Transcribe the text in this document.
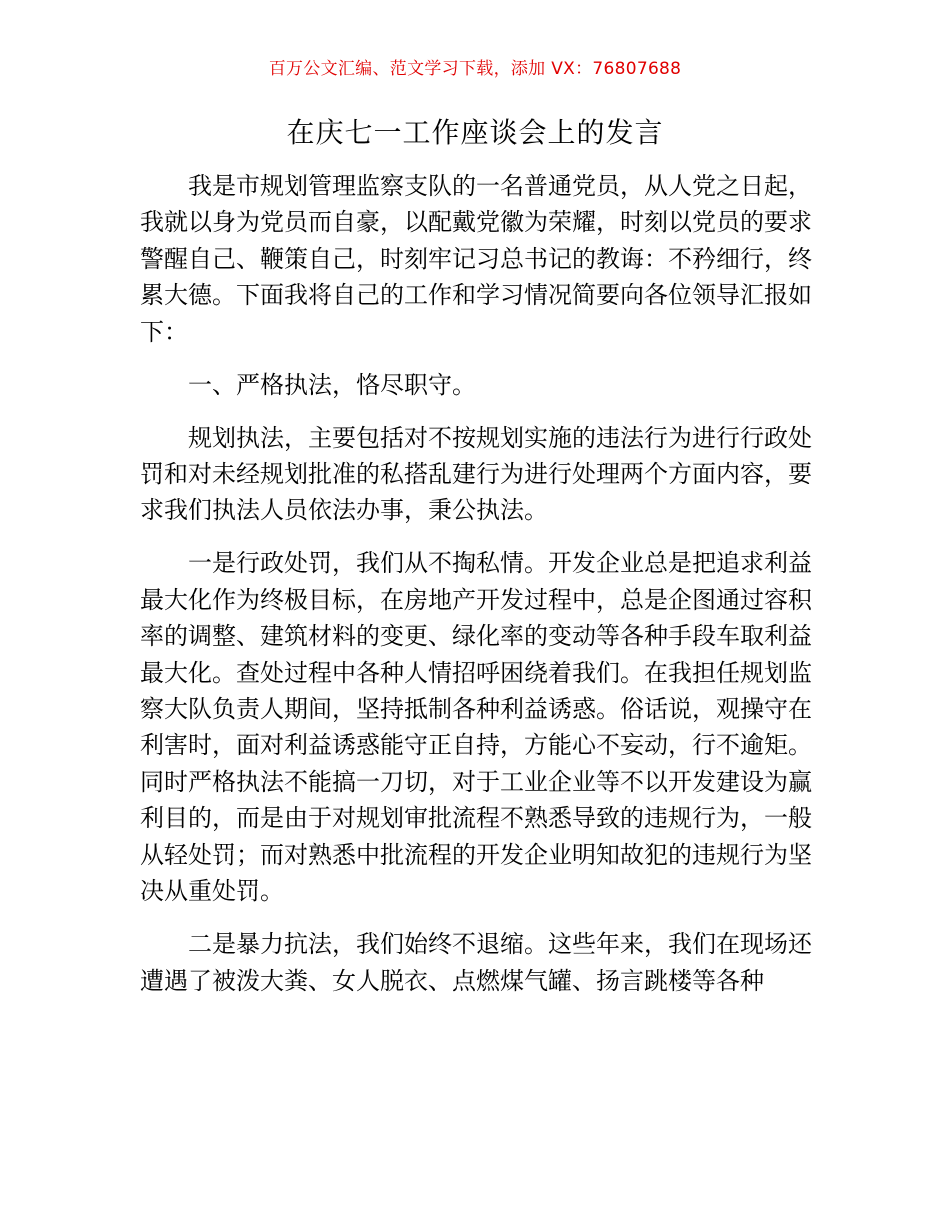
百万公文汇编、范文学习下载，添加 VX：76807688
在庆七一工作座谈会上的发言

我是市规划管理监察支队的一名普通党员，从人党之日起，我就以身为党员而自豪，以配戴党徽为荣耀，时刻以党员的要求警醒自己、鞭策自己，时刻牢记习总书记的教诲：不矜细行，终累大德。下面我将自己的工作和学习情况简要向各位领导汇报如下：

一、严格执法，恪尽职守。

规划执法，主要包括对不按规划实施的违法行为进行行政处罚和对未经规划批准的私搭乱建行为进行处理两个方面内容，要求我们执法人员依法办事，秉公执法。

一是行政处罚，我们从不掏私情。开发企业总是把追求利益最大化作为终极目标，在房地产开发过程中，总是企图通过容积率的调整、建筑材料的变更、绿化率的变动等各种手段车取利益最大化。查处过程中各种人情招呼困绕着我们。在我担任规划监察大队负责人期间，坚持抵制各种利益诱惑。俗话说，观操守在利害时，面对利益诱惑能守正自持，方能心不妄动，行不逾矩。同时严格执法不能搞一刀切，对于工业企业等不以开发建设为赢利目的，而是由于对规划审批流程不熟悉导致的违规行为，一般从轻处罚；而对熟悉中批流程的开发企业明知故犯的违规行为坚决从重处罚。

二是暴力抗法，我们始终不退缩。这些年来，我们在现场还遭遇了被泼大粪、女人脱衣、点燃煤气罐、扬言跳楼等各种
